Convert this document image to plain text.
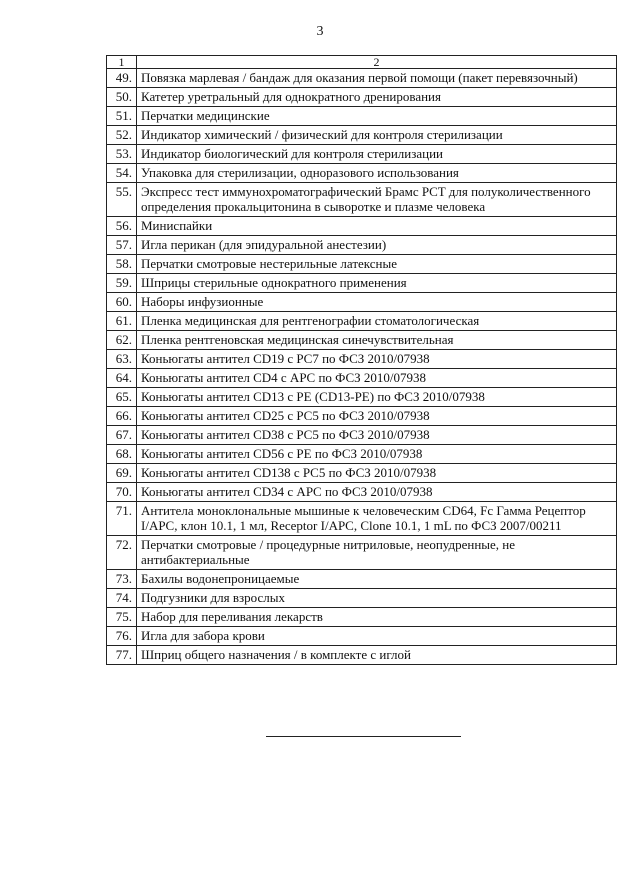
3
1	2
49.	Повязка марлевая / бандаж для оказания первой помощи (пакет перевязочный)
50.	Катетер уретральный для однократного дренирования
51.	Перчатки медицинские
52.	Индикатор химический / физический для контроля стерилизации
53.	Индикатор биологический для контроля стерилизации
54.	Упаковка для стерилизации, одноразового использования
55.	Экспресс тест иммунохроматографический Брамс PCT для полуколичественного определения прокальцитонина в сыворотке и плазме человека
56.	Миниспайки
57.	Игла перикан (для эпидуральной анестезии)
58.	Перчатки смотровые нестерильные латексные
59.	Шприцы стерильные однократного применения
60.	Наборы инфузионные
61.	Пленка медицинская для рентгенографии стоматологическая
62.	Пленка рентгеновская медицинская синечувствительная
63.	Коньюгаты антител CD19 с PC7 по ФСЗ 2010/07938
64.	Коньюгаты антител CD4 с APC по ФСЗ 2010/07938
65.	Коньюгаты антител CD13 с PE (CD13-PE) по ФСЗ 2010/07938
66.	Коньюгаты антител CD25 с PC5 по ФСЗ 2010/07938
67.	Коньюгаты антител CD38 с PC5 по ФСЗ 2010/07938
68.	Коньюгаты антител CD56 с PE по ФСЗ 2010/07938
69.	Коньюгаты антител CD138 с PC5 по ФСЗ 2010/07938
70.	Коньюгаты антител CD34 с APC по ФСЗ 2010/07938
71.	Антитела моноклональные мышиные к человеческим CD64, Fc Гамма Рецептор I/APC, клон 10.1, 1 мл, Receptor I/APC, Clone 10.1, 1 mL по ФСЗ 2007/00211
72.	Перчатки смотровые / процедурные нитриловые, неопудренные, не антибактериальные
73.	Бахилы водонепроницаемые
74.	Подгузники для взрослых
75.	Набор для переливания лекарств
76.	Игла для забора крови
77.	Шприц общего назначения / в комплекте с иглой
